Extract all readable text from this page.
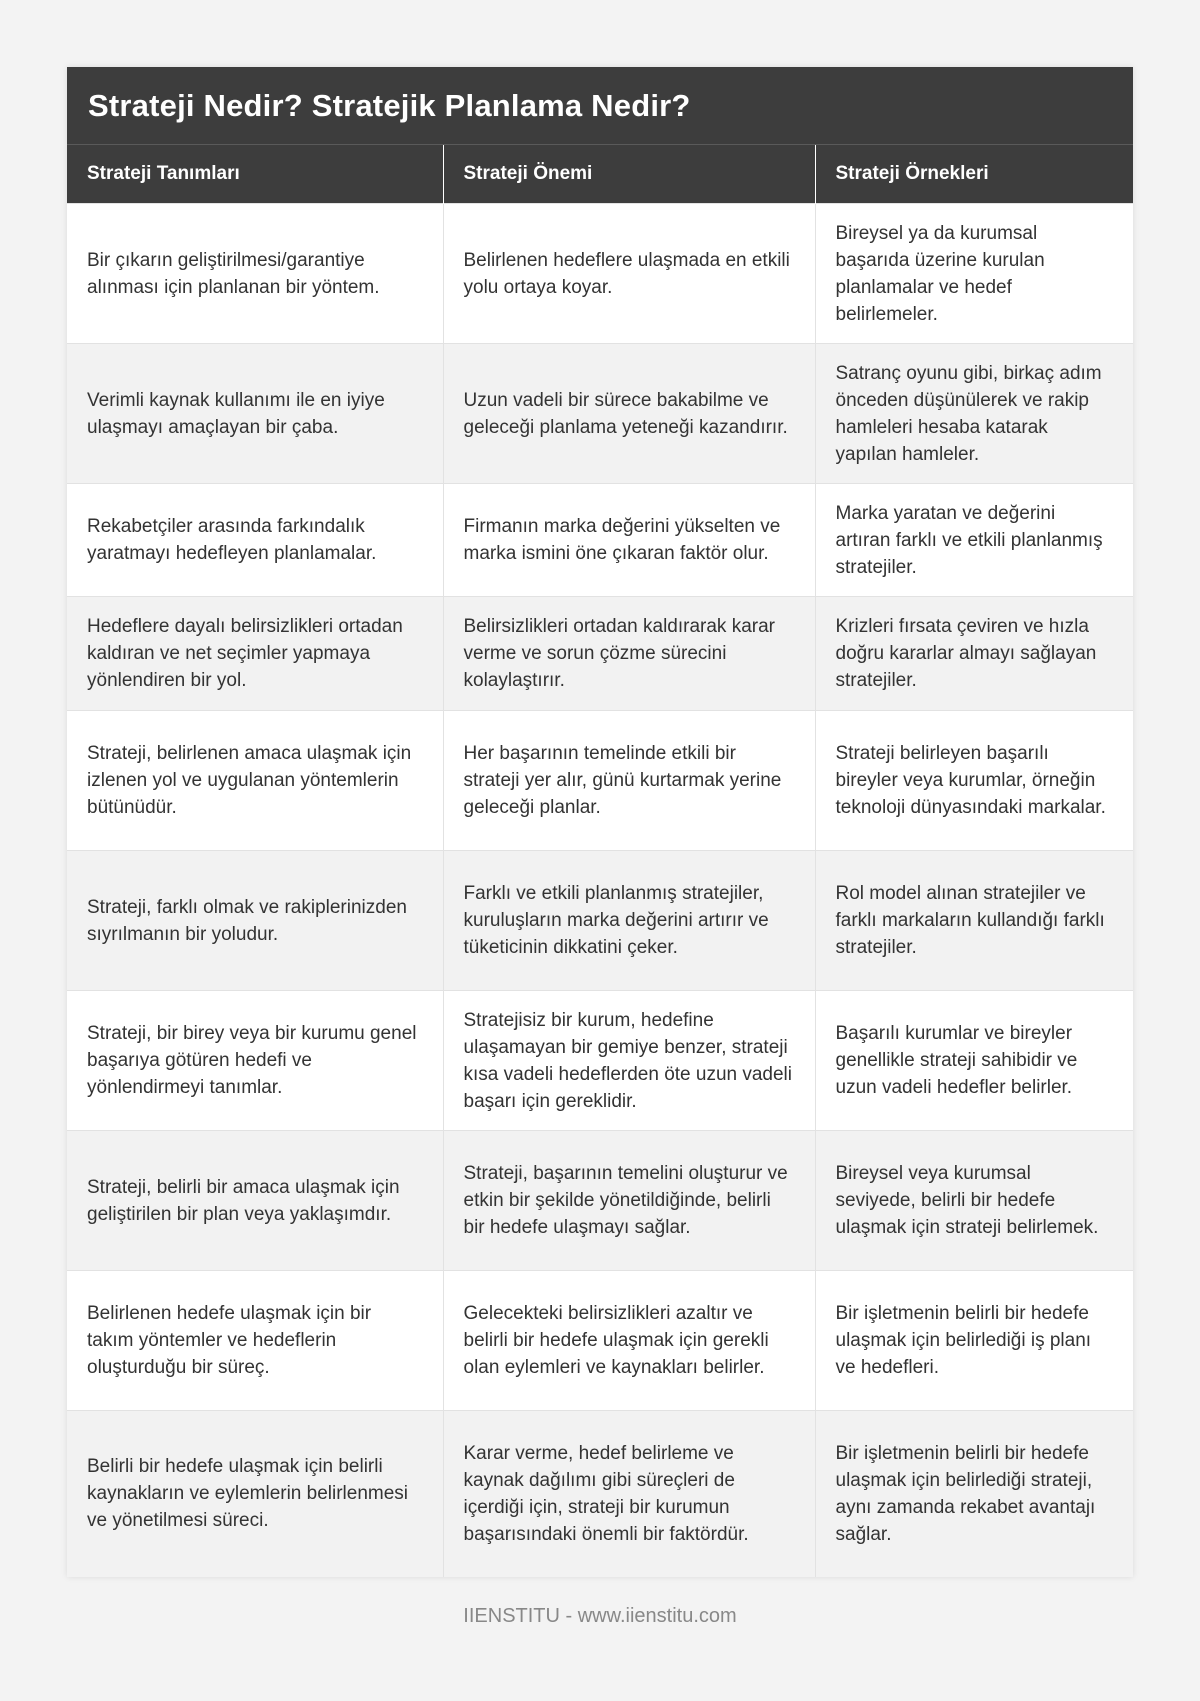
Strateji Nedir? Stratejik Planlama Nedir?
Strateji Tanımları	Strateji Önemi	Strateji Örnekleri
Bir çıkarın geliştirilmesi/garantiye alınması için planlanan bir yöntem.	Belirlenen hedeflere ulaşmada en etkili yolu ortaya koyar.	Bireysel ya da kurumsal başarıda üzerine kurulan planlamalar ve hedef belirlemeler.
Verimli kaynak kullanımı ile en iyiye ulaşmayı amaçlayan bir çaba.	Uzun vadeli bir sürece bakabilme ve geleceği planlama yeteneği kazandırır.	Satranç oyunu gibi, birkaç adım önceden düşünülerek ve rakip hamleleri hesaba katarak yapılan hamleler.
Rekabetçiler arasında farkındalık yaratmayı hedefleyen planlamalar.	Firmanın marka değerini yükselten ve marka ismini öne çıkaran faktör olur.	Marka yaratan ve değerini artıran farklı ve etkili planlanmış stratejiler.
Hedeflere dayalı belirsizlikleri ortadan kaldıran ve net seçimler yapmaya yönlendiren bir yol.	Belirsizlikleri ortadan kaldırarak karar verme ve sorun çözme sürecini kolaylaştırır.	Krizleri fırsata çeviren ve hızla doğru kararlar almayı sağlayan stratejiler.
Strateji, belirlenen amaca ulaşmak için izlenen yol ve uygulanan yöntemlerin bütünüdür.	Her başarının temelinde etkili bir strateji yer alır, günü kurtarmak yerine geleceği planlar.	Strateji belirleyen başarılı bireyler veya kurumlar, örneğin teknoloji dünyasındaki markalar.
Strateji, farklı olmak ve rakiplerinizden sıyrılmanın bir yoludur.	Farklı ve etkili planlanmış stratejiler, kuruluşların marka değerini artırır ve tüketicinin dikkatini çeker.	Rol model alınan stratejiler ve farklı markaların kullandığı farklı stratejiler.
Strateji, bir birey veya bir kurumu genel başarıya götüren hedefi ve yönlendirmeyi tanımlar.	Stratejisiz bir kurum, hedefine ulaşamayan bir gemiye benzer, strateji kısa vadeli hedeflerden öte uzun vadeli başarı için gereklidir.	Başarılı kurumlar ve bireyler genellikle strateji sahibidir ve uzun vadeli hedefler belirler.
Strateji, belirli bir amaca ulaşmak için geliştirilen bir plan veya yaklaşımdır.	Strateji, başarının temelini oluşturur ve etkin bir şekilde yönetildiğinde, belirli bir hedefe ulaşmayı sağlar.	Bireysel veya kurumsal seviyede, belirli bir hedefe ulaşmak için strateji belirlemek.
Belirlenen hedefe ulaşmak için bir takım yöntemler ve hedeflerin oluşturduğu bir süreç.	Gelecekteki belirsizlikleri azaltır ve belirli bir hedefe ulaşmak için gerekli olan eylemleri ve kaynakları belirler.	Bir işletmenin belirli bir hedefe ulaşmak için belirlediği iş planı ve hedefleri.
Belirli bir hedefe ulaşmak için belirli kaynakların ve eylemlerin belirlenmesi ve yönetilmesi süreci.	Karar verme, hedef belirleme ve kaynak dağılımı gibi süreçleri de içerdiği için, strateji bir kurumun başarısındaki önemli bir faktördür.	Bir işletmenin belirli bir hedefe ulaşmak için belirlediği strateji, aynı zamanda rekabet avantajı sağlar.
IIENSTITU - www.iienstitu.com
